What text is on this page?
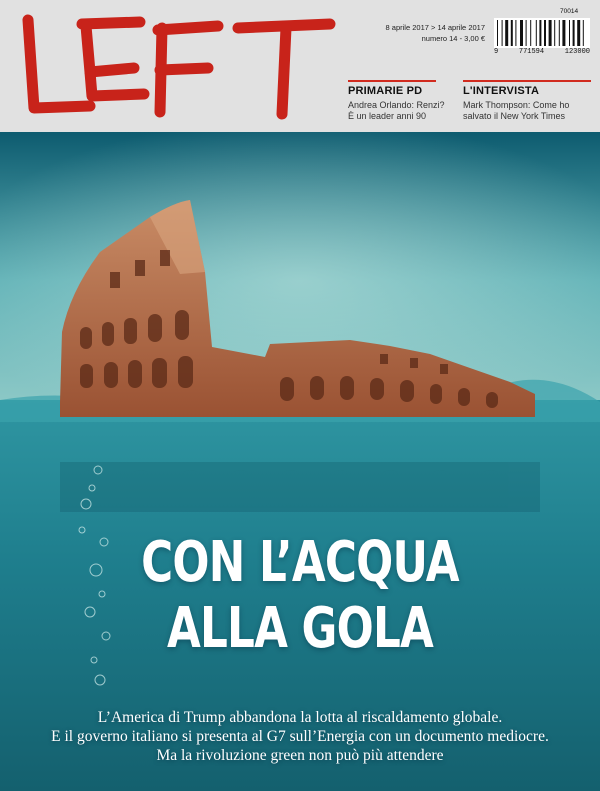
8 aprile 2017 > 14 aprile 2017
numero 14 - 3,00 €
70014
9	771594	123000
PRIMARIE PD
Andrea Orlando: Renzi? È un leader anni 90
L'INTERVISTA
Mark Thompson: Come ho salvato il New York Times
CON L’ACQUA
ALLA GOLA
L’America di Trump abbandona la lotta al riscaldamento globale.
E il governo italiano si presenta al G7 sull’Energia con un documento mediocre.
Ma la rivoluzione green non può più attendere
